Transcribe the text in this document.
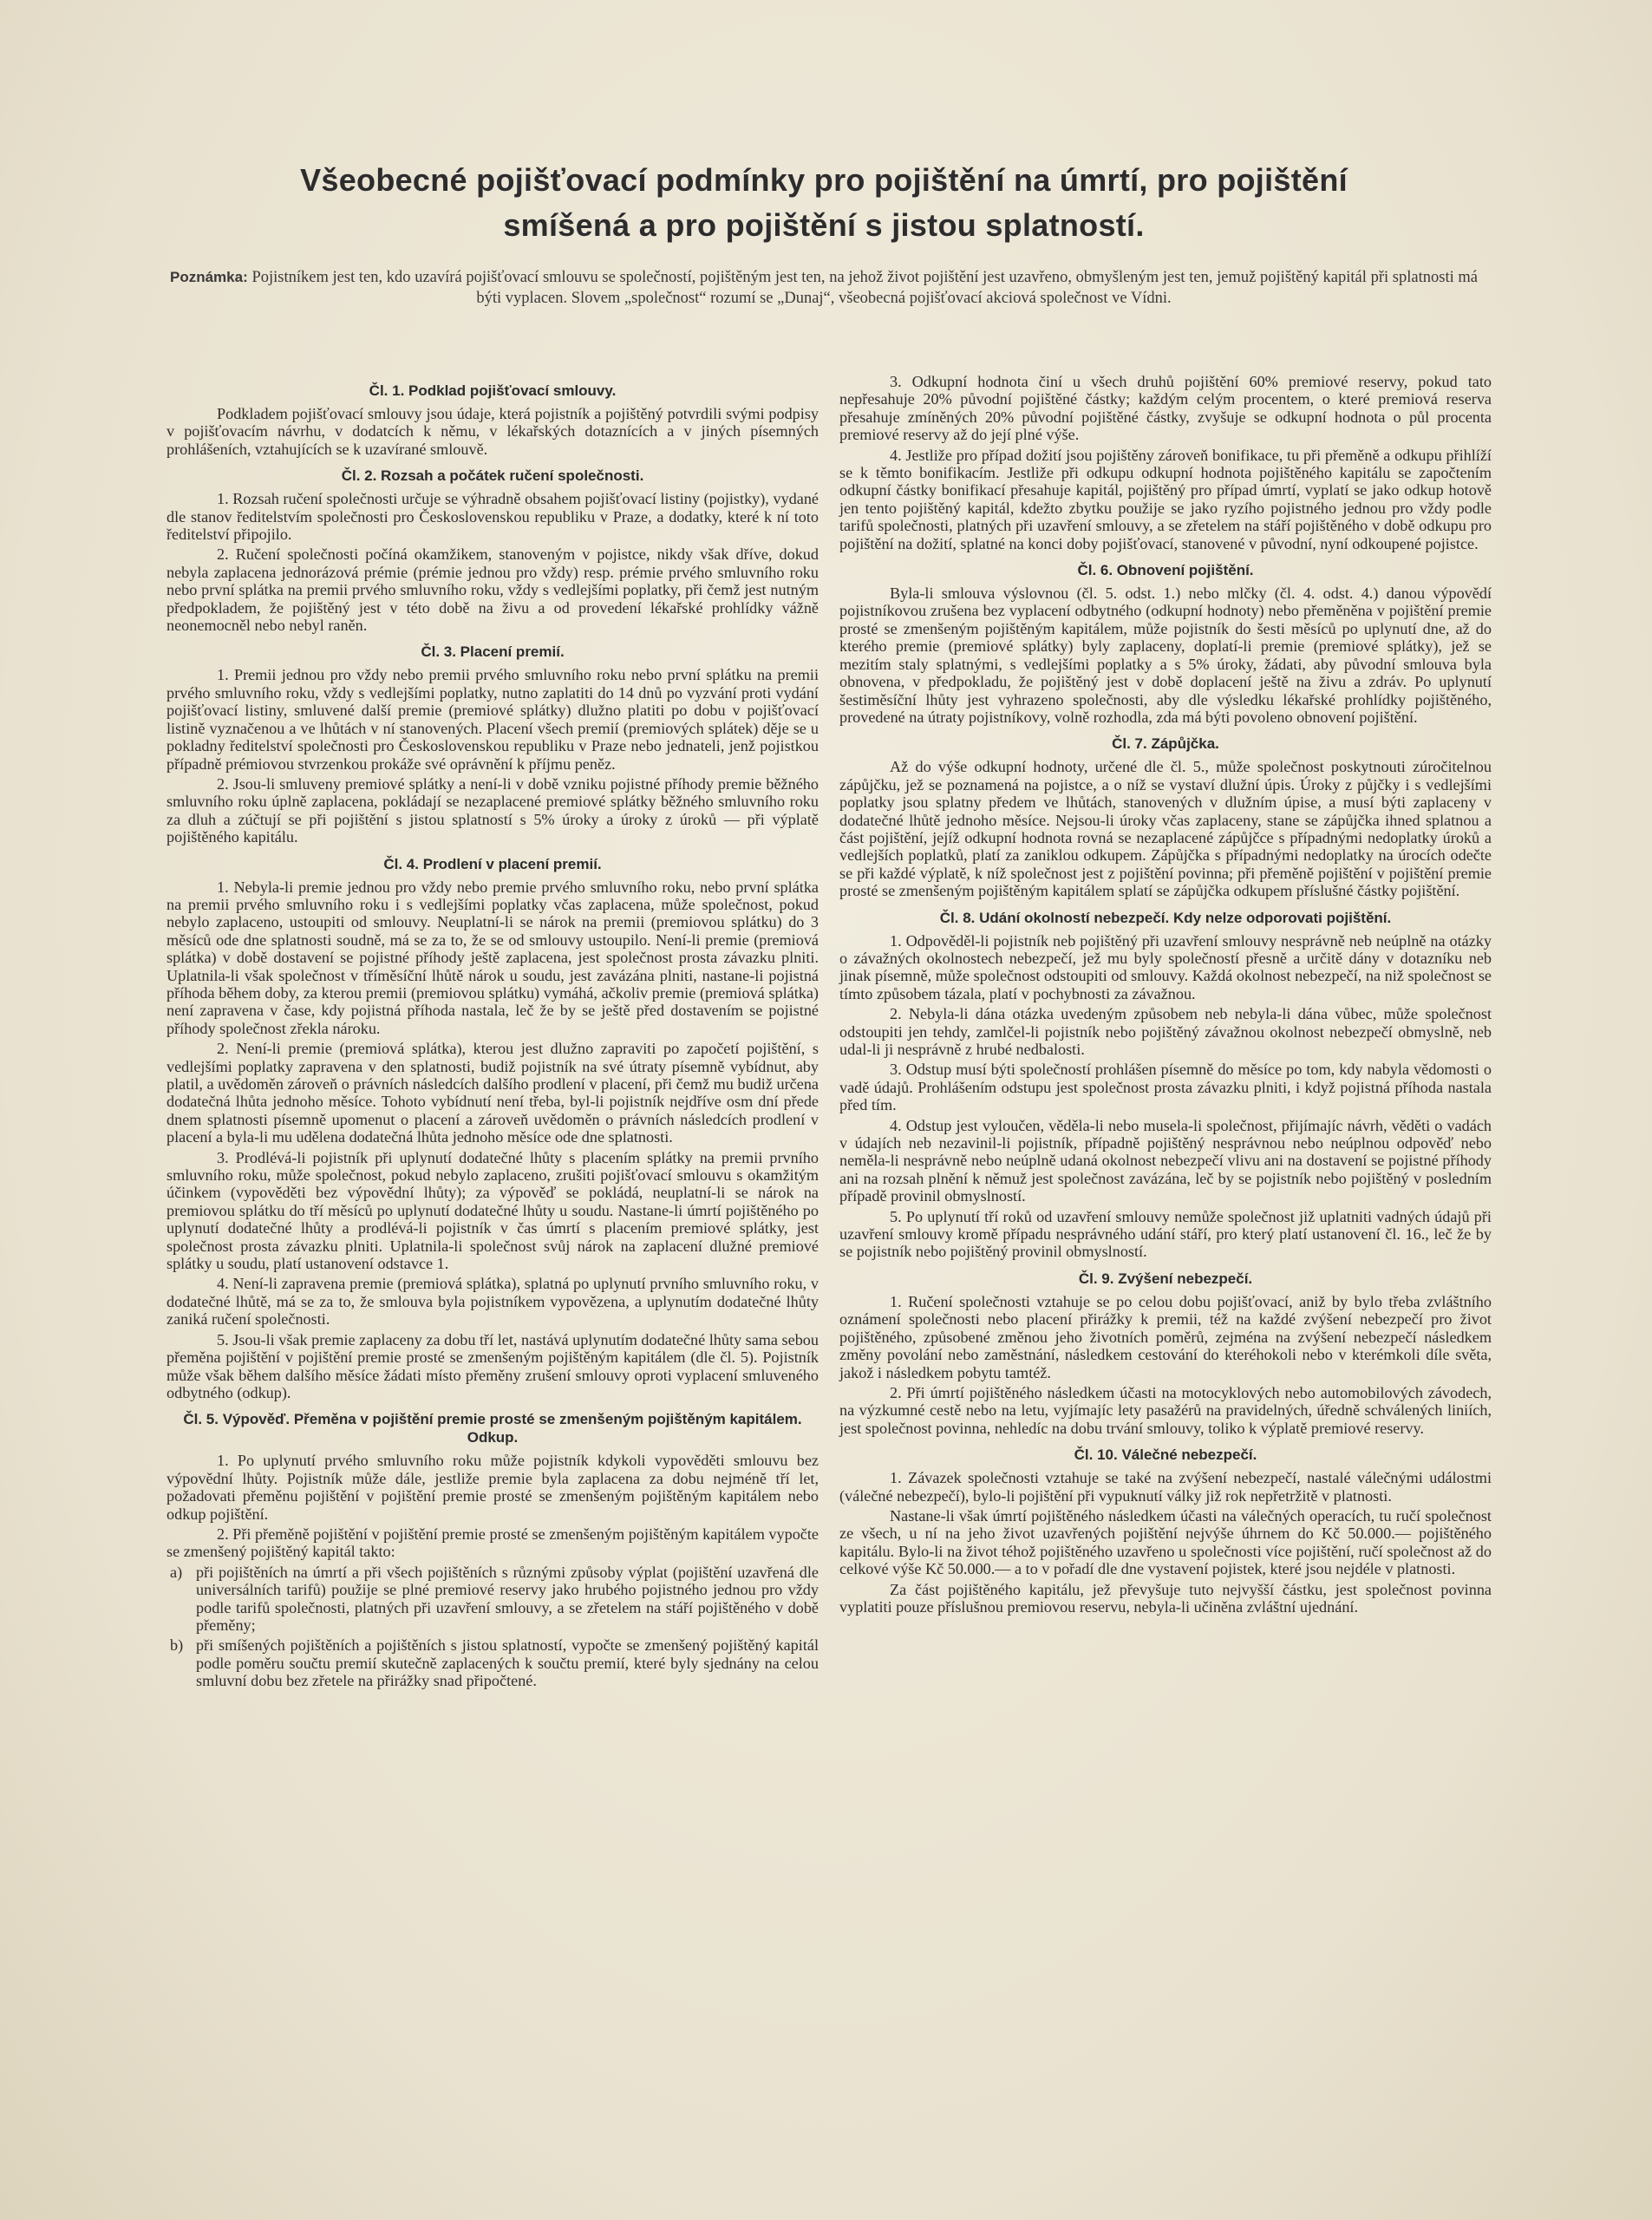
Všeobecné pojišťovací podmínky pro pojištění na úmrtí, pro pojištění
smíšená a pro pojištění s jistou splatností.
Poznámka: Pojistníkem jest ten, kdo uzavírá pojišťovací smlouvu se společností, pojištěným jest ten, na jehož život pojištění jest uzavřeno, obmyšleným jest ten, jemuž pojištěný kapitál při splatnosti má býti vyplacen. Slovem „společnost“ rozumí se „Dunaj“, všeobecná pojišťovací akciová společnost ve Vídni.
Čl. 1. Podklad pojišťovací smlouvy.

Podkladem pojišťovací smlouvy jsou údaje, která pojistník a pojištěný potvrdili svými podpisy v pojišťovacím návrhu, v dodatcích k němu, v lékařských dotaznících a v jiných písemných prohlášeních, vztahujících se k uzavírané smlouvě.

Čl. 2. Rozsah a počátek ručení společnosti.

1. Rozsah ručení společnosti určuje se výhradně obsahem pojišťovací listiny (pojistky), vydané dle stanov ředitelstvím společnosti pro Československou republiku v Praze, a dodatky, které k ní toto ředitelství připojilo.

2. Ručení společnosti počíná okamžikem, stanoveným v pojistce, nikdy však dříve, dokud nebyla zaplacena jednorázová prémie (prémie jednou pro vždy) resp. prémie prvého smluvního roku nebo první splátka na premii prvého smluvního roku, vždy s vedlejšími poplatky, při čemž jest nutným předpokladem, že pojištěný jest v této době na živu a od provedení lékařské prohlídky vážně neonemocněl nebo nebyl raněn.

Čl. 3. Placení premií.

1. Premii jednou pro vždy nebo premii prvého smluvního roku nebo první splátku na premii prvého smluvního roku, vždy s vedlejšími poplatky, nutno zaplatiti do 14 dnů po vyzvání proti vydání pojišťovací listiny, smluvené další premie (premiové splátky) dlužno platiti po dobu v pojišťovací listině vyznačenou a ve lhůtách v ní stanovených. Placení všech premií (premiových splátek) děje se u pokladny ředitelství společnosti pro Československou republiku v Praze nebo jednateli, jenž pojistkou případně prémiovou stvrzenkou prokáže své oprávnění k příjmu peněz.

2. Jsou-li smluveny premiové splátky a není-li v době vzniku pojistné příhody premie běžného smluvního roku úplně zaplacena, pokládají se nezaplacené premiové splátky běžného smluvního roku za dluh a zúčtují se při pojištění s jistou splatností s 5% úroky a úroky z úroků — při výplatě pojištěného kapitálu.

Čl. 4. Prodlení v placení premií.

1. Nebyla-li premie jednou pro vždy nebo premie prvého smluvního roku, nebo první splátka na premii prvého smluvního roku i s vedlejšími poplatky včas zaplacena, může společnost, pokud nebylo zaplaceno, ustoupiti od smlouvy. Neuplatní-li se nárok na premii (premiovou splátku) do 3 měsíců ode dne splatnosti soudně, má se za to, že se od smlouvy ustoupilo. Není-li premie (premiová splátka) v době dostavení se pojistné příhody ještě zaplacena, jest společnost prosta závazku plniti. Uplatnila-li však společnost v tříměsíční lhůtě nárok u soudu, jest zavázána plniti, nastane-li pojistná příhoda během doby, za kterou premii (premiovou splátku) vymáhá, ačkoliv premie (premiová splátka) není zapravena v čase, kdy pojistná příhoda nastala, leč že by se ještě před dostavením se pojistné příhody společnost zřekla nároku.

2. Není-li premie (premiová splátka), kterou jest dlužno zapraviti po započetí pojištění, s vedlejšími poplatky zapravena v den splatnosti, budiž pojistník na své útraty písemně vybídnut, aby platil, a uvědoměn zároveň o právních následcích dalšího prodlení v placení, při čemž mu budiž určena dodatečná lhůta jednoho měsíce. Tohoto vybídnutí není třeba, byl-li pojistník nejdříve osm dní přede dnem splatnosti písemně upomenut o placení a zároveň uvědoměn o právních následcích prodlení v placení a byla-li mu udělena dodatečná lhůta jednoho měsíce ode dne splatnosti.

3. Prodlévá-li pojistník při uplynutí dodatečné lhůty s placením splátky na premii prvního smluvního roku, může společnost, pokud nebylo zaplaceno, zrušiti pojišťovací smlouvu s okamžitým účinkem (vypověděti bez výpovědní lhůty); za výpověď se pokládá, neuplatní-li se nárok na premiovou splátku do tří měsíců po uplynutí dodatečné lhůty u soudu. Nastane-li úmrtí pojištěného po uplynutí dodatečné lhůty a prodlévá-li pojistník v čas úmrtí s placením premiové splátky, jest společnost prosta závazku plniti. Uplatnila-li společnost svůj nárok na zaplacení dlužné premiové splátky u soudu, platí ustanovení odstavce 1.

4. Není-li zapravena premie (premiová splátka), splatná po uplynutí prvního smluvního roku, v dodatečné lhůtě, má se za to, že smlouva byla pojistníkem vypovězena, a uplynutím dodatečné lhůty zaniká ručení společnosti.

5. Jsou-li však premie zaplaceny za dobu tří let, nastává uplynutím dodatečné lhůty sama sebou přeměna pojištění v pojištění premie prosté se zmenšeným pojištěným kapitálem (dle čl. 5). Pojistník může však během dalšího měsíce žádati místo přeměny zrušení smlouvy oproti vyplacení smluveného odbytného (odkup).

Čl. 5. Výpověď. Přeměna v pojištění premie prosté se zmenšeným pojištěným kapitálem. Odkup.

1. Po uplynutí prvého smluvního roku může pojistník kdykoli vypověděti smlouvu bez výpovědní lhůty. Pojistník může dále, jestliže premie byla zaplacena za dobu nejméně tří let, požadovati přeměnu pojištění v pojištění premie prosté se zmenšeným pojištěným kapitálem nebo odkup pojištění.

2. Při přeměně pojištění v pojištění premie prosté se zmenšeným pojištěným kapitálem vypočte se zmenšený pojištěný kapitál takto:

a) při pojištěních na úmrtí a při všech pojištěních s různými způsoby výplat (pojištění uzavřená dle universálních tarifů) použije se plné premiové reservy jako hrubého pojistného jednou pro vždy podle tarifů společnosti, platných při uzavření smlouvy, a se zřetelem na stáří pojištěného v době přeměny;

b) při smíšených pojištěních a pojištěních s jistou splatností, vypočte se zmenšený pojištěný kapitál podle poměru součtu premií skutečně zaplacených k součtu premií, které byly sjednány na celou smluvní dobu bez zřetele na přirážky snad připočtené.

3. Odkupní hodnota činí u všech druhů pojištění 60% premiové reservy, pokud tato nepřesahuje 20% původní pojištěné částky; každým celým procentem, o které premiová reserva přesahuje zmíněných 20% původní pojištěné částky, zvyšuje se odkupní hodnota o půl procenta premiové reservy až do její plné výše.

4. Jestliže pro případ dožití jsou pojištěny zároveň bonifikace, tu při přeměně a odkupu přihlíží se k těmto bonifikacím. Jestliže při odkupu odkupní hodnota pojištěného kapitálu se započtením odkupní částky bonifikací přesahuje kapitál, pojištěný pro případ úmrtí, vyplatí se jako odkup hotově jen tento pojištěný kapitál, kdežto zbytku použije se jako ryzího pojistného jednou pro vždy podle tarifů společnosti, platných při uzavření smlouvy, a se zřetelem na stáří pojištěného v době odkupu pro pojištění na dožití, splatné na konci doby pojišťovací, stanovené v původní, nyní odkoupené pojistce.

Čl. 6. Obnovení pojištění.

Byla-li smlouva výslovnou (čl. 5. odst. 1.) nebo mlčky (čl. 4. odst. 4.) danou výpovědí pojistníkovou zrušena bez vyplacení odbytného (odkupní hodnoty) nebo přeměněna v pojištění premie prosté se zmenšeným pojištěným kapitálem, může pojistník do šesti měsíců po uplynutí dne, až do kterého premie (premiové splátky) byly zaplaceny, doplatí-li premie (premiové splátky), jež se mezitím staly splatnými, s vedlejšími poplatky a s 5% úroky, žádati, aby původní smlouva byla obnovena, v předpokladu, že pojištěný jest v době doplacení ještě na živu a zdráv. Po uplynutí šestiměsíční lhůty jest vyhrazeno společnosti, aby dle výsledku lékařské prohlídky pojištěného, provedené na útraty pojistníkovy, volně rozhodla, zda má býti povoleno obnovení pojištění.

Čl. 7. Zápůjčka.

Až do výše odkupní hodnoty, určené dle čl. 5., může společnost poskytnouti zúročitelnou zápůjčku, jež se poznamená na pojistce, a o níž se vystaví dlužní úpis. Úroky z půjčky i s vedlejšími poplatky jsou splatny předem ve lhůtách, stanovených v dlužním úpise, a musí býti zaplaceny v dodatečné lhůtě jednoho měsíce. Nejsou-li úroky včas zaplaceny, stane se zápůjčka ihned splatnou a část pojištění, jejíž odkupní hodnota rovná se nezaplacené zápůjčce s případnými nedoplatky úroků a vedlejších poplatků, platí za zaniklou odkupem. Zápůjčka s případnými nedoplatky na úrocích odečte se při každé výplatě, k níž společnost jest z pojištění povinna; při přeměně pojištění v pojištění premie prosté se zmenšeným pojištěným kapitálem splatí se zápůjčka odkupem příslušné částky pojištění.

Čl. 8. Udání okolností nebezpečí. Kdy nelze odporovati pojištění.

1. Odpověděl-li pojistník neb pojištěný při uzavření smlouvy nesprávně neb neúplně na otázky o závažných okolnostech nebezpečí, jež mu byly společností přesně a určitě dány v dotazníku neb jinak písemně, může společnost odstoupiti od smlouvy. Každá okolnost nebezpečí, na niž společnost se tímto způsobem tázala, platí v pochybnosti za závažnou.

2. Nebyla-li dána otázka uvedeným způsobem neb nebyla-li dána vůbec, může společnost odstoupiti jen tehdy, zamlčel-li pojistník nebo pojištěný závažnou okolnost nebezpečí obmyslně, neb udal-li ji nesprávně z hrubé nedbalosti.

3. Odstup musí býti společností prohlášen písemně do měsíce po tom, kdy nabyla vědomosti o vadě údajů. Prohlášením odstupu jest společnost prosta závazku plniti, i když pojistná příhoda nastala před tím.

4. Odstup jest vyloučen, věděla-li nebo musela-li společnost, přijímajíc návrh, věděti o vadách v údajích neb nezavinil-li pojistník, případně pojištěný nesprávnou nebo neúplnou odpověď nebo neměla-li nesprávně nebo neúplně udaná okolnost nebezpečí vlivu ani na dostavení se pojistné příhody ani na rozsah plnění k němuž jest společnost zavázána, leč by se pojistník nebo pojištěný v posledním případě provinil obmyslností.

5. Po uplynutí tří roků od uzavření smlouvy nemůže společnost již uplatniti vadných údajů při uzavření smlouvy kromě případu nesprávného udání stáří, pro který platí ustanovení čl. 16., leč že by se pojistník nebo pojištěný provinil obmyslností.

Čl. 9. Zvýšení nebezpečí.

1. Ručení společnosti vztahuje se po celou dobu pojišťovací, aniž by bylo třeba zvláštního oznámení společnosti nebo placení přirážky k premii, též na každé zvýšení nebezpečí pro život pojištěného, způsobené změnou jeho životních poměrů, zejména na zvýšení nebezpečí následkem změny povolání nebo zaměstnání, následkem cestování do kteréhokoli nebo v kterémkoli díle světa, jakož i následkem pobytu tamtéž.

2. Při úmrtí pojištěného následkem účasti na motocyklových nebo automobilových závodech, na výzkumné cestě nebo na letu, vyjímajíc lety pasažérů na pravidelných, úředně schválených liniích, jest společnost povinna, nehledíc na dobu trvání smlouvy, toliko k výplatě premiové reservy.

Čl. 10. Válečné nebezpečí.

1. Závazek společnosti vztahuje se také na zvýšení nebezpečí, nastalé válečnými událostmi (válečné nebezpečí), bylo-li pojištění při vypuknutí války již rok nepřetržitě v platnosti.

Nastane-li však úmrtí pojištěného následkem účasti na válečných operacích, tu ručí společnost ze všech, u ní na jeho život uzavřených pojištění nejvýše úhrnem do Kč 50.000.— pojištěného kapitálu. Bylo-li na život téhož pojištěného uzavřeno u společnosti více pojištění, ručí společnost až do celkové výše Kč 50.000.— a to v pořadí dle dne vystavení pojistek, které jsou nejdéle v platnosti.

Za část pojištěného kapitálu, jež převyšuje tuto nejvyšší částku, jest společnost povinna vyplatiti pouze příslušnou premiovou reservu, nebyla-li učiněna zvláštní ujednání.
